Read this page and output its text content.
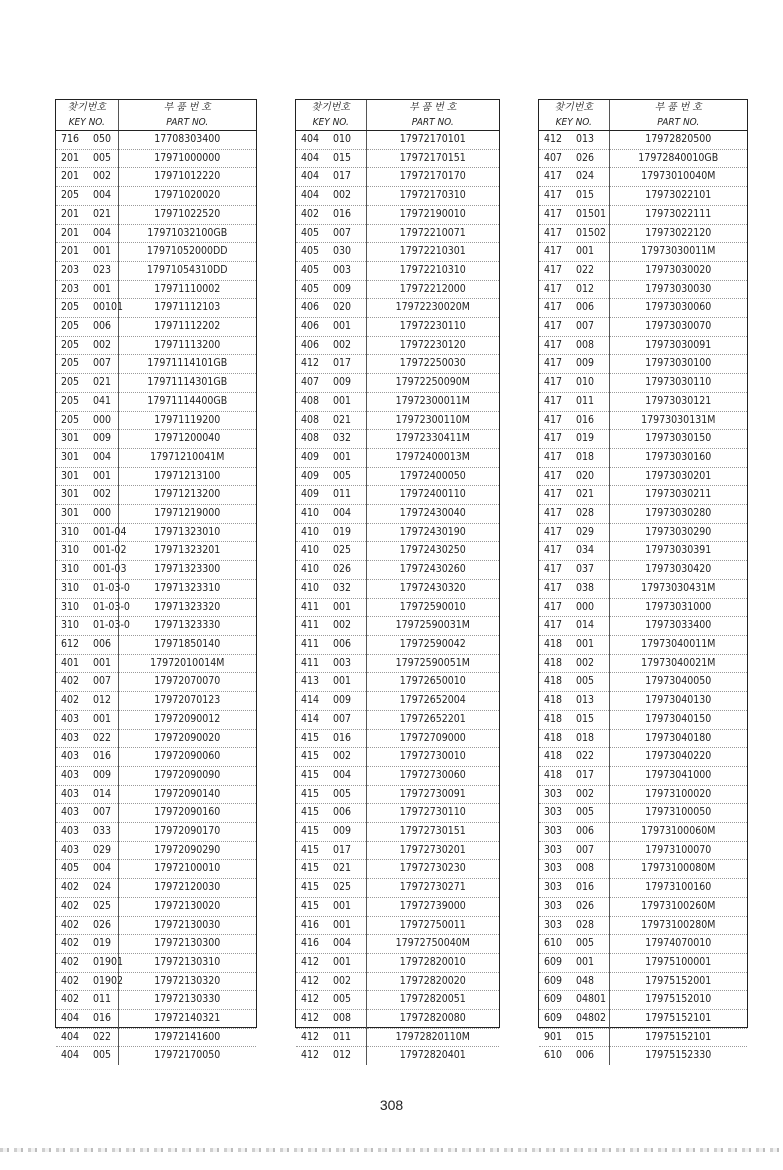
찾기번호	부 품 번 호
KEY NO.	PART NO.

716 050	17708303400

201 005	17971000000

201 002	17971012220

205 004	17971020020

201 021	17971022520

201 004	17971032100GB

201 001	17971052000DD

203 023	17971054310DD

203 001	17971110002

205 00101	17971112103

205 006	17971112202

205 002	17971113200

205 007	17971114101GB

205 021	17971114301GB

205 041	17971114400GB

205 000	17971119200

301 009	17971200040

301 004	17971210041M

301 001	17971213100

301 002	17971213200

301 000	17971219000

310 001-04	17971323010

310 001-02	17971323201

310 001-03	17971323300

310 01-03-0	17971323310

310 01-03-0	17971323320

310 01-03-0	17971323330

612 006	17971850140

401 001	17972010014M

402 007	17972070070

402 012	17972070123

403 001	17972090012

403 022	17972090020

403 016	17972090060

403 009	17972090090

403 014	17972090140

403 007	17972090160

403 033	17972090170

403 029	17972090290

405 004	17972100010

402 024	17972120030

402 025	17972130020

402 026	17972130030

402 019	17972130300

402 01901	17972130310

402 01902	17972130320

402 011	17972130330

404 016	17972140321

404 022	17972141600

404 005	17972170050
찾기번호	부 품 번 호
KEY NO.	PART NO.

404 010	17972170101

404 015	17972170151

404 017	17972170170

404 002	17972170310

402 016	17972190010

405 007	17972210071

405 030	17972210301

405 003	17972210310

405 009	17972212000

406 020	17972230020M

406 001	17972230110

406 002	17972230120

412 017	17972250030

407 009	17972250090M

408 001	17972300011M

408 021	17972300110M

408 032	17972330411M

409 001	17972400013M

409 005	17972400050

409 011	17972400110

410 004	17972430040

410 019	17972430190

410 025	17972430250

410 026	17972430260

410 032	17972430320

411 001	17972590010

411 002	17972590031M

411 006	17972590042

411 003	17972590051M

413 001	17972650010

414 009	17972652004

414 007	17972652201

415 016	17972709000

415 002	17972730010

415 004	17972730060

415 005	17972730091

415 006	17972730110

415 009	17972730151

415 017	17972730201

415 021	17972730230

415 025	17972730271

415 001	17972739000

416 001	17972750011

416 004	17972750040M

412 001	17972820010

412 002	17972820020

412 005	17972820051

412 008	17972820080

412 011	17972820110M

412 012	17972820401
찾기번호	부 품 번 호
KEY NO.	PART NO.

412 013	17972820500

407 026	17972840010GB

417 024	17973010040M

417 015	17973022101

417 01501	17973022111

417 01502	17973022120

417 001	17973030011M

417 022	17973030020

417 012	17973030030

417 006	17973030060

417 007	17973030070

417 008	17973030091

417 009	17973030100

417 010	17973030110

417 011	17973030121

417 016	17973030131M

417 019	17973030150

417 018	17973030160

417 020	17973030201

417 021	17973030211

417 028	17973030280

417 029	17973030290

417 034	17973030391

417 037	17973030420

417 038	17973030431M

417 000	17973031000

417 014	17973033400

418 001	17973040011M

418 002	17973040021M

418 005	17973040050

418 013	17973040130

418 015	17973040150

418 018	17973040180

418 022	17973040220

418 017	17973041000

303 002	17973100020

303 005	17973100050

303 006	17973100060M

303 007	17973100070

303 008	17973100080M

303 016	17973100160

303 026	17973100260M

303 028	17973100280M

610 005	17974070010

609 001	17975100001

609 048	17975152001

609 04801	17975152010

609 04802	17975152101

901 015	17975152101

610 006	17975152330
308
